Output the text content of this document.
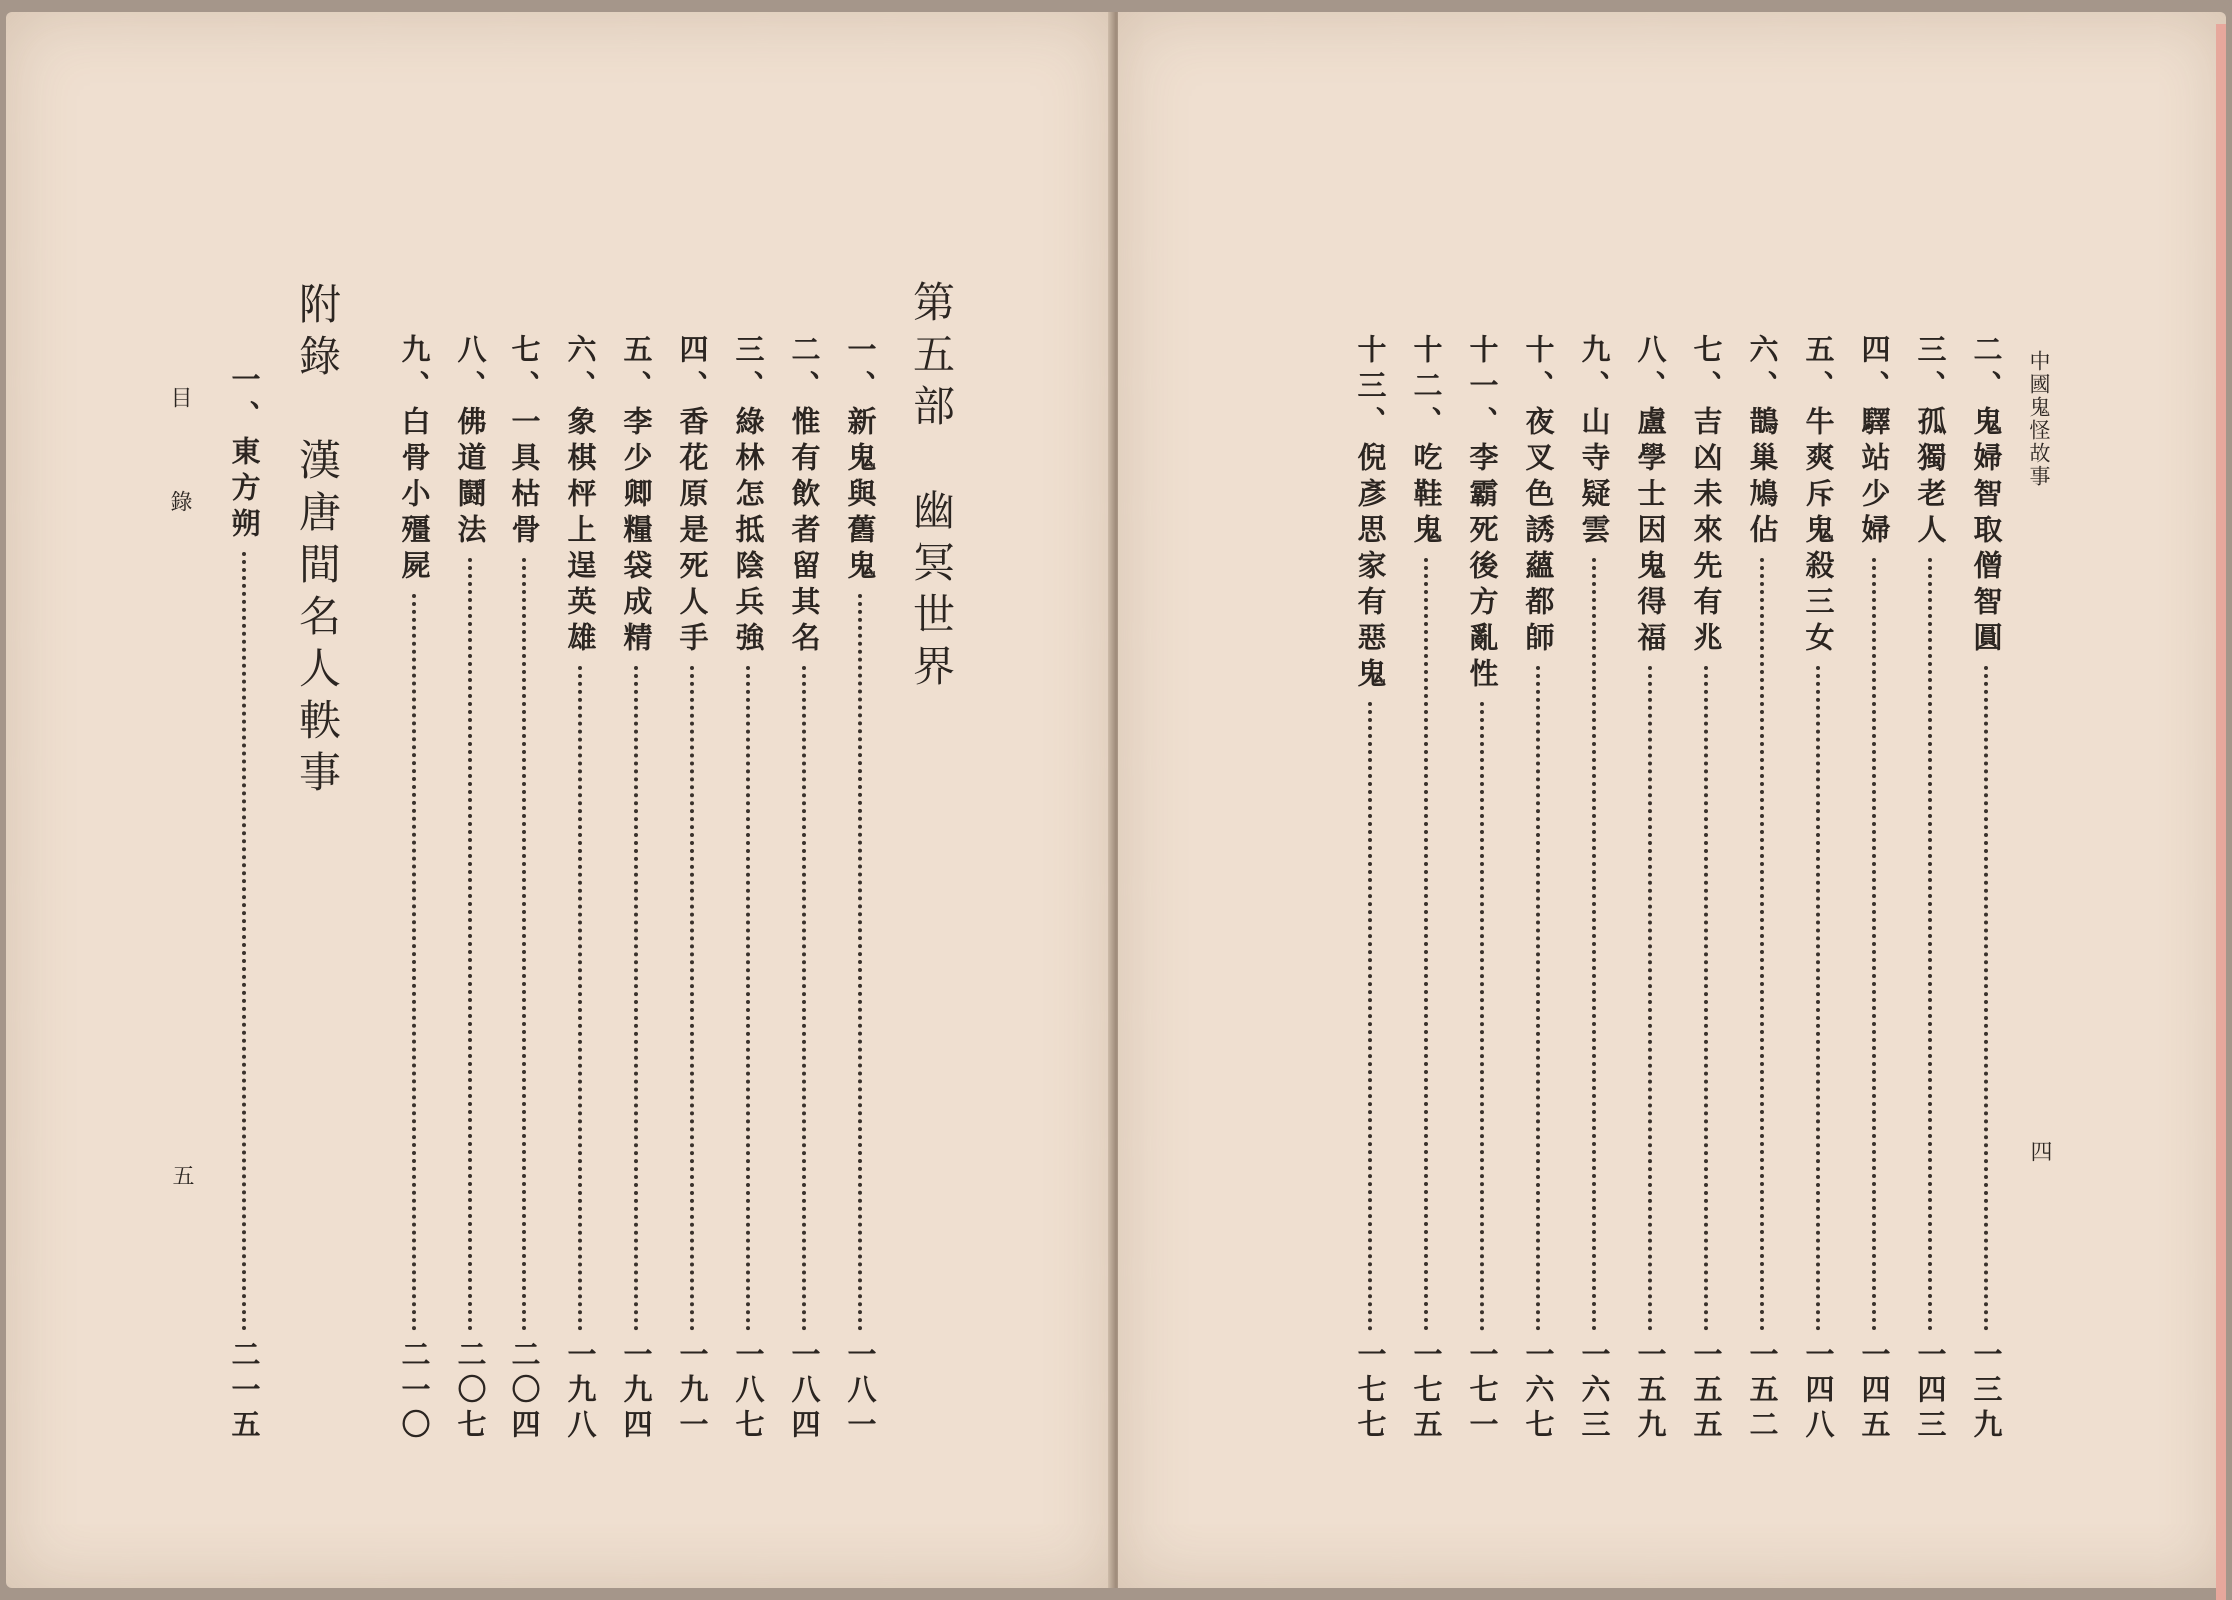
第五部　幽冥世界
附錄　漢唐間名人軼事	一、新鬼與舊鬼
一八一
二、惟有飲者留其名
一八四
三、綠林怎抵陰兵強
一八七
四、香花原是死人手
一九一
五、李少卿糧袋成精
一九四
六、象棋枰上逞英雄
一九八
七、一具枯骨
二〇四
八、佛道鬪法
二〇七
九、白骨小殭屍
二一〇
一、東方朔
二一五
目　錄
五
中國鬼怪故事
四
二、鬼婦智取僧智圓
一三九
三、孤獨老人
一四三
四、驛站少婦
一四五
五、牛爽斥鬼殺三女
一四八
六、鵲巢鳩佔
一五二
七、吉凶未來先有兆
一五五
八、盧學士因鬼得福
一五九
九、山寺疑雲
一六三
十、夜叉色誘蘊都師
一六七
十一、李霸死後方亂性
一七一
十二、吃鞋鬼
一七五
十三、倪彥思家有惡鬼
一七七
